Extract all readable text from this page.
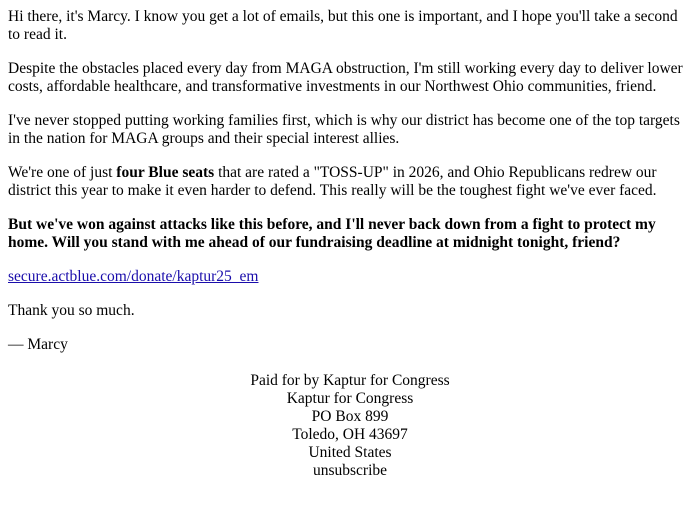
Hi there, it's Marcy. I know you get a lot of emails, but this one is important, and I hope you'll take a second to read it.

Despite the obstacles placed every day from MAGA obstruction, I'm still working every day to deliver lower costs, affordable healthcare, and transformative investments in our Northwest Ohio communities, friend.

I've never stopped putting working families first, which is why our district has become one of the top targets in the nation for MAGA groups and their special interest allies.

We're one of just four Blue seats that are rated a "TOSS-UP" in 2026, and Ohio Republicans redrew our district this year to make it even harder to defend. This really will be the toughest fight we've ever faced.

But we've won against attacks like this before, and I'll never back down from a fight to protect my home. Will you stand with me ahead of our fundraising deadline at midnight tonight, friend?

secure.actblue.com/donate/kaptur25_em

Thank you so much.

— Marcy

Paid for by Kaptur for Congress
Kaptur for Congress
PO Box 899
Toledo, OH 43697
United States
unsubscribe
